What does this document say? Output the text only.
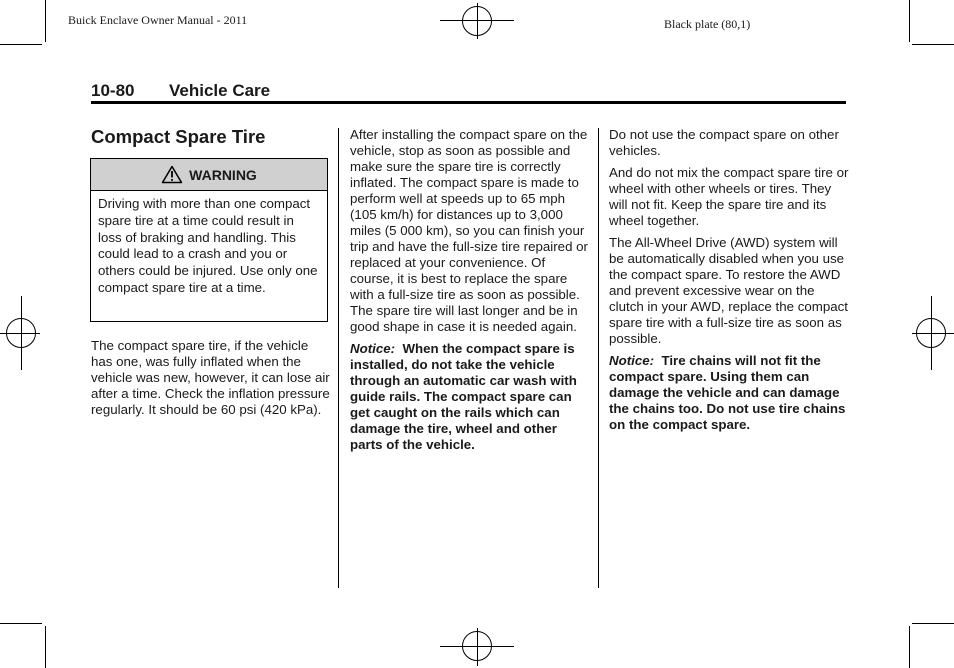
Buick Enclave Owner Manual - 2011	Black plate (80,1)
10-80 Vehicle Care
Compact Spare Tire
WARNING
Driving with more than one compact spare tire at a time could result in loss of braking and handling. This could lead to a crash and you or others could be injured. Use only one compact spare tire at a time.

The compact spare tire, if the vehicle has one, was fully inflated when the vehicle was new, however, it can lose air after a time. Check the inflation pressure regularly. It should be 60 psi (420 kPa).

After installing the compact spare on the vehicle, stop as soon as possible and make sure the spare tire is correctly inflated. The compact spare is made to perform well at speeds up to 65 mph (105 km/h) for distances up to 3,000 miles (5 000 km), so you can finish your trip and have the full-size tire repaired or replaced at your convenience. Of course, it is best to replace the spare with a full-size tire as soon as possible. The spare tire will last longer and be in good shape in case it is needed again.

Notice: When the compact spare is installed, do not take the vehicle through an automatic car wash with guide rails. The compact spare can get caught on the rails which can damage the tire, wheel and other parts of the vehicle.

Do not use the compact spare on other vehicles.

And do not mix the compact spare tire or wheel with other wheels or tires. They will not fit. Keep the spare tire and its wheel together.

The All-Wheel Drive (AWD) system will be automatically disabled when you use the compact spare. To restore the AWD and prevent excessive wear on the clutch in your AWD, replace the compact spare tire with a full-size tire as soon as possible.

Notice: Tire chains will not fit the compact spare. Using them can damage the vehicle and can damage the chains too. Do not use tire chains on the compact spare.
